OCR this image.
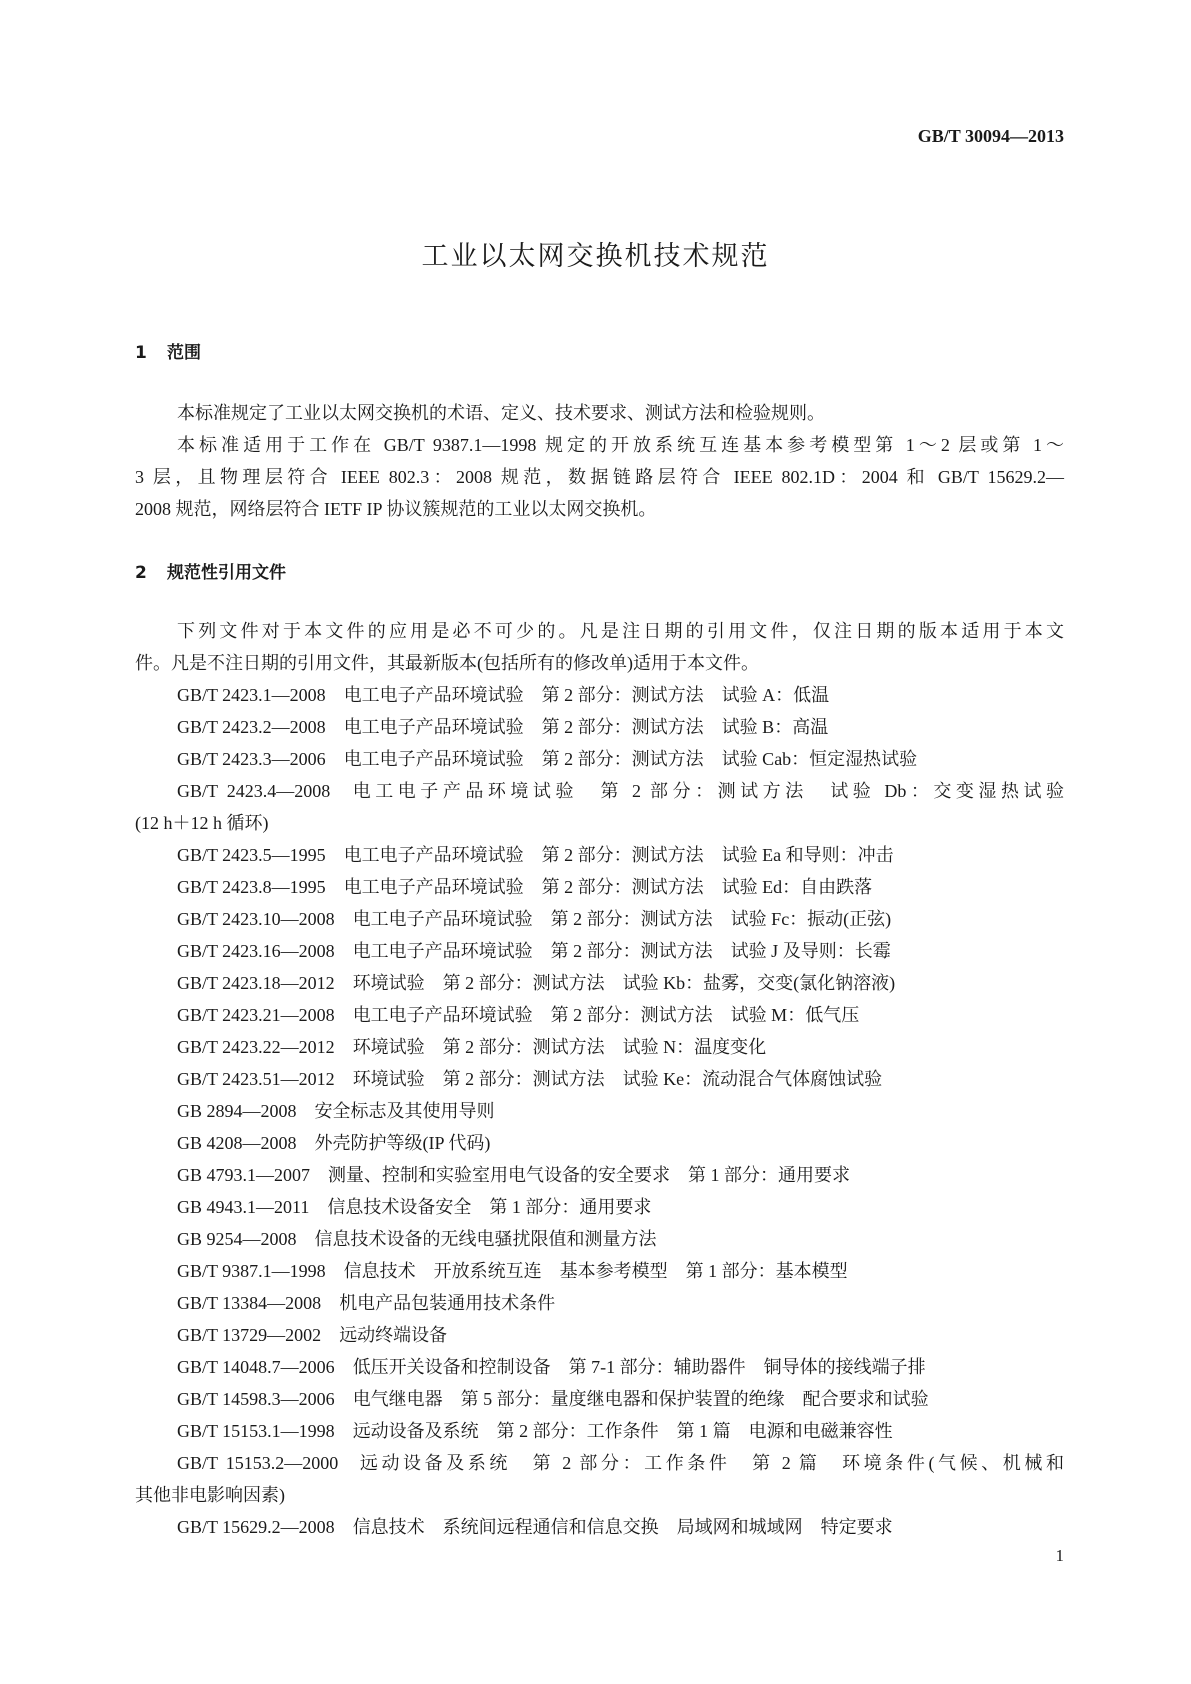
GB/T 30094—2013
工业以太网交换机技术规范
1 范围
本标准规定了工业以太网交换机的术语、定义、技术要求、测试方法和检验规则。
本标准适用于工作在 GB/T 9387.1—1998 规定的开放系统互连基本参考模型第 1～2 层或第 1～
3 层，且物理层符合 IEEE 802.3：2008 规范，数据链路层符合 IEEE 802.1D：2004 和 GB/T 15629.2—
2008 规范，网络层符合 IETF IP 协议簇规范的工业以太网交换机。
2 规范性引用文件
下列文件对于本文件的应用是必不可少的。凡是注日期的引用文件，仅注日期的版本适用于本文
件。凡是不注日期的引用文件，其最新版本(包括所有的修改单)适用于本文件。
GB/T 2423.1—2008 电工电子产品环境试验　第 2 部分：测试方法　试验 A：低温
GB/T 2423.2—2008 电工电子产品环境试验　第 2 部分：测试方法　试验 B：高温
GB/T 2423.3—2006 电工电子产品环境试验　第 2 部分：测试方法　试验 Cab：恒定湿热试验
GB/T 2423.4—2008 电工电子产品环境试验　第 2 部分：测试方法　试验 Db：交变湿热试验
(12 h＋12 h 循环)
GB/T 2423.5—1995 电工电子产品环境试验　第 2 部分：测试方法　试验 Ea 和导则：冲击
GB/T 2423.8—1995 电工电子产品环境试验　第 2 部分：测试方法　试验 Ed：自由跌落
GB/T 2423.10—2008 电工电子产品环境试验　第 2 部分：测试方法　试验 Fc：振动(正弦)
GB/T 2423.16—2008 电工电子产品环境试验　第 2 部分：测试方法　试验 J 及导则：长霉
GB/T 2423.18—2012 环境试验　第 2 部分：测试方法　试验 Kb：盐雾，交变(氯化钠溶液)
GB/T 2423.21—2008 电工电子产品环境试验　第 2 部分：测试方法　试验 M：低气压
GB/T 2423.22—2012 环境试验　第 2 部分：测试方法　试验 N：温度变化
GB/T 2423.51—2012 环境试验　第 2 部分：测试方法　试验 Ke：流动混合气体腐蚀试验
GB 2894—2008 安全标志及其使用导则
GB 4208—2008 外壳防护等级(IP 代码)
GB 4793.1—2007 测量、控制和实验室用电气设备的安全要求　第 1 部分：通用要求
GB 4943.1—2011 信息技术设备安全　第 1 部分：通用要求
GB 9254—2008 信息技术设备的无线电骚扰限值和测量方法
GB/T 9387.1—1998 信息技术　开放系统互连　基本参考模型　第 1 部分：基本模型
GB/T 13384—2008 机电产品包装通用技术条件
GB/T 13729—2002 远动终端设备
GB/T 14048.7—2006 低压开关设备和控制设备　第 7-1 部分：辅助器件　铜导体的接线端子排
GB/T 14598.3—2006 电气继电器　第 5 部分：量度继电器和保护装置的绝缘　配合要求和试验
GB/T 15153.1—1998 远动设备及系统　第 2 部分：工作条件　第 1 篇　电源和电磁兼容性
GB/T 15153.2—2000 远动设备及系统　第 2 部分：工作条件　第 2 篇　环境条件(气候、机械和
其他非电影响因素)
GB/T 15629.2—2008 信息技术　系统间远程通信和信息交换　局域网和城域网　特定要求
1
